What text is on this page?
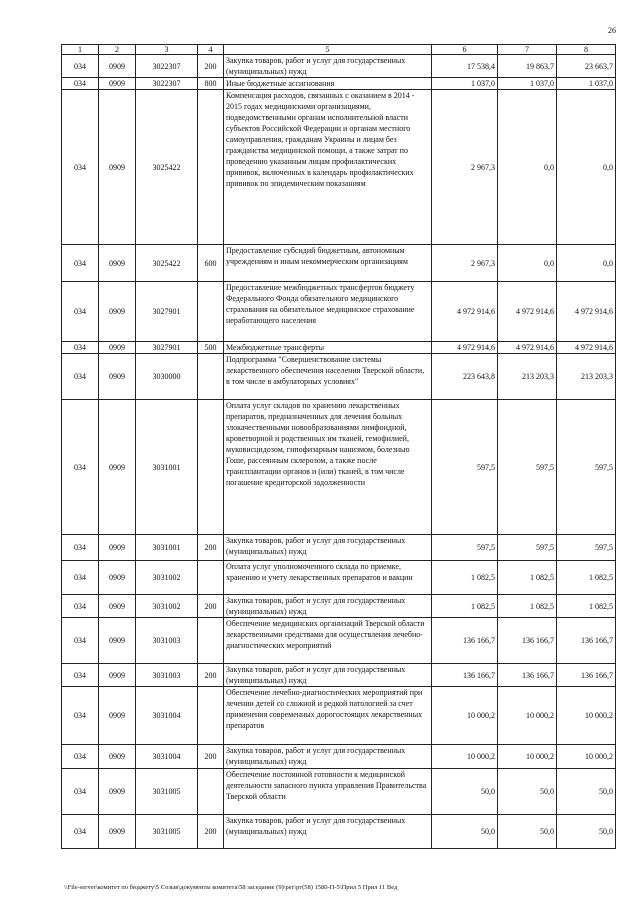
26
1	2	3	4	5	6	7	8
034	0909	3022307	200	Закупка товаров, работ и услуг для государственных (муниципальных) нужд	17 538,4	19 863,7	23 663,7
034	0909	3022307	800	Иные бюджетные ассигнования	1 037,0	1 037,0	1 037,0
034	0909	3025422		Компенсация расходов, связанных с оказанием в 2014 - 2015 годах медицинскими организациями, подведомственными органам исполнительной власти субъектов Российской Федерации и органам местного самоуправления, гражданам Украины и лицам без гражданства медицинской помощи, а также затрат по проведению указанным лицам профилактических прививок, включенных в календарь профилактических прививок по эпидемическим показаниям	2 967,3	0,0	0,0
034	0909	3025422	600	Предоставление субсидий бюджетным, автономным учреждениям и иным некоммерческим организациям	2 967,3	0,0	0,0
034	0909	3027901		Предоставление межбюджетных трансфертов бюджету Федерального Фонда обязательного медицинского страхования на обязательное медицинское страхование неработающего населения	4 972 914,6	4 972 914,6	4 972 914,6
034	0909	3027901	500	Межбюджетные трансферты	4 972 914,6	4 972 914,6	4 972 914,6
034	0909	3030000		Подпрограмма "Совершенствование системы лекарственного обеспечения населения Тверской области, в том числе в амбулаторных условиях"	223 643,8	213 203,3	213 203,3
034	0909	3031001		Оплата услуг складов по хранению лекарственных препаратов, предназначенных для лечения больных злокачественными новообразованиями лимфоидной, кроветворной и родственных им тканей, гемофилией, муковисцидозом, гипофизарным нанизмом, болезнью Гоше, рассеянным склерозом, а также после трансплантации органов и (или) тканей, в том числе погашение кредиторской задолженности	597,5	597,5	597,5
034	0909	3031001	200	Закупка товаров, работ и услуг для государственных (муниципальных) нужд	597,5	597,5	597,5
034	0909	3031002		Оплата услуг уполномоченного склада по приемке, хранению и учету лекарственных препаратов и вакцин	1 082,5	1 082,5	1 082,5
034	0909	3031002	200	Закупка товаров, работ и услуг для государственных (муниципальных) нужд	1 082,5	1 082,5	1 082,5
034	0909	3031003		Обеспечение медицинских организаций Тверской области лекарственными средствами для осуществления лечебно-диагностических мероприятий	136 166,7	136 166,7	136 166,7
034	0909	3031003	200	Закупка товаров, работ и услуг для государственных (муниципальных) нужд	136 166,7	136 166,7	136 166,7
034	0909	3031004		Обеспечение лечебно-диагностических мероприятий при лечении детей со сложной и редкой патологией за счет применения современных дорогостоящих лекарственных препаратов	10 000,2	10 000,2	10 000,2
034	0909	3031004	200	Закупка товаров, работ и услуг для государственных (муниципальных) нужд	10 000,2	10 000,2	10 000,2
034	0909	3031005		Обеспечение постоянной готовности к медицинской деятельности запасного пункта управления Правительства Тверской области	50,0	50,0	50,0
034	0909	3031005	200	Закупка товаров, работ и услуг для государственных (муниципальных) нужд	50,0	50,0	50,0
\\File-server\комитет по бюджету\5 Созыв\документы комитета\58 заседание (9)\рег\рг(58) 1580-П-5\Прил 5 Прил 11 Вед
